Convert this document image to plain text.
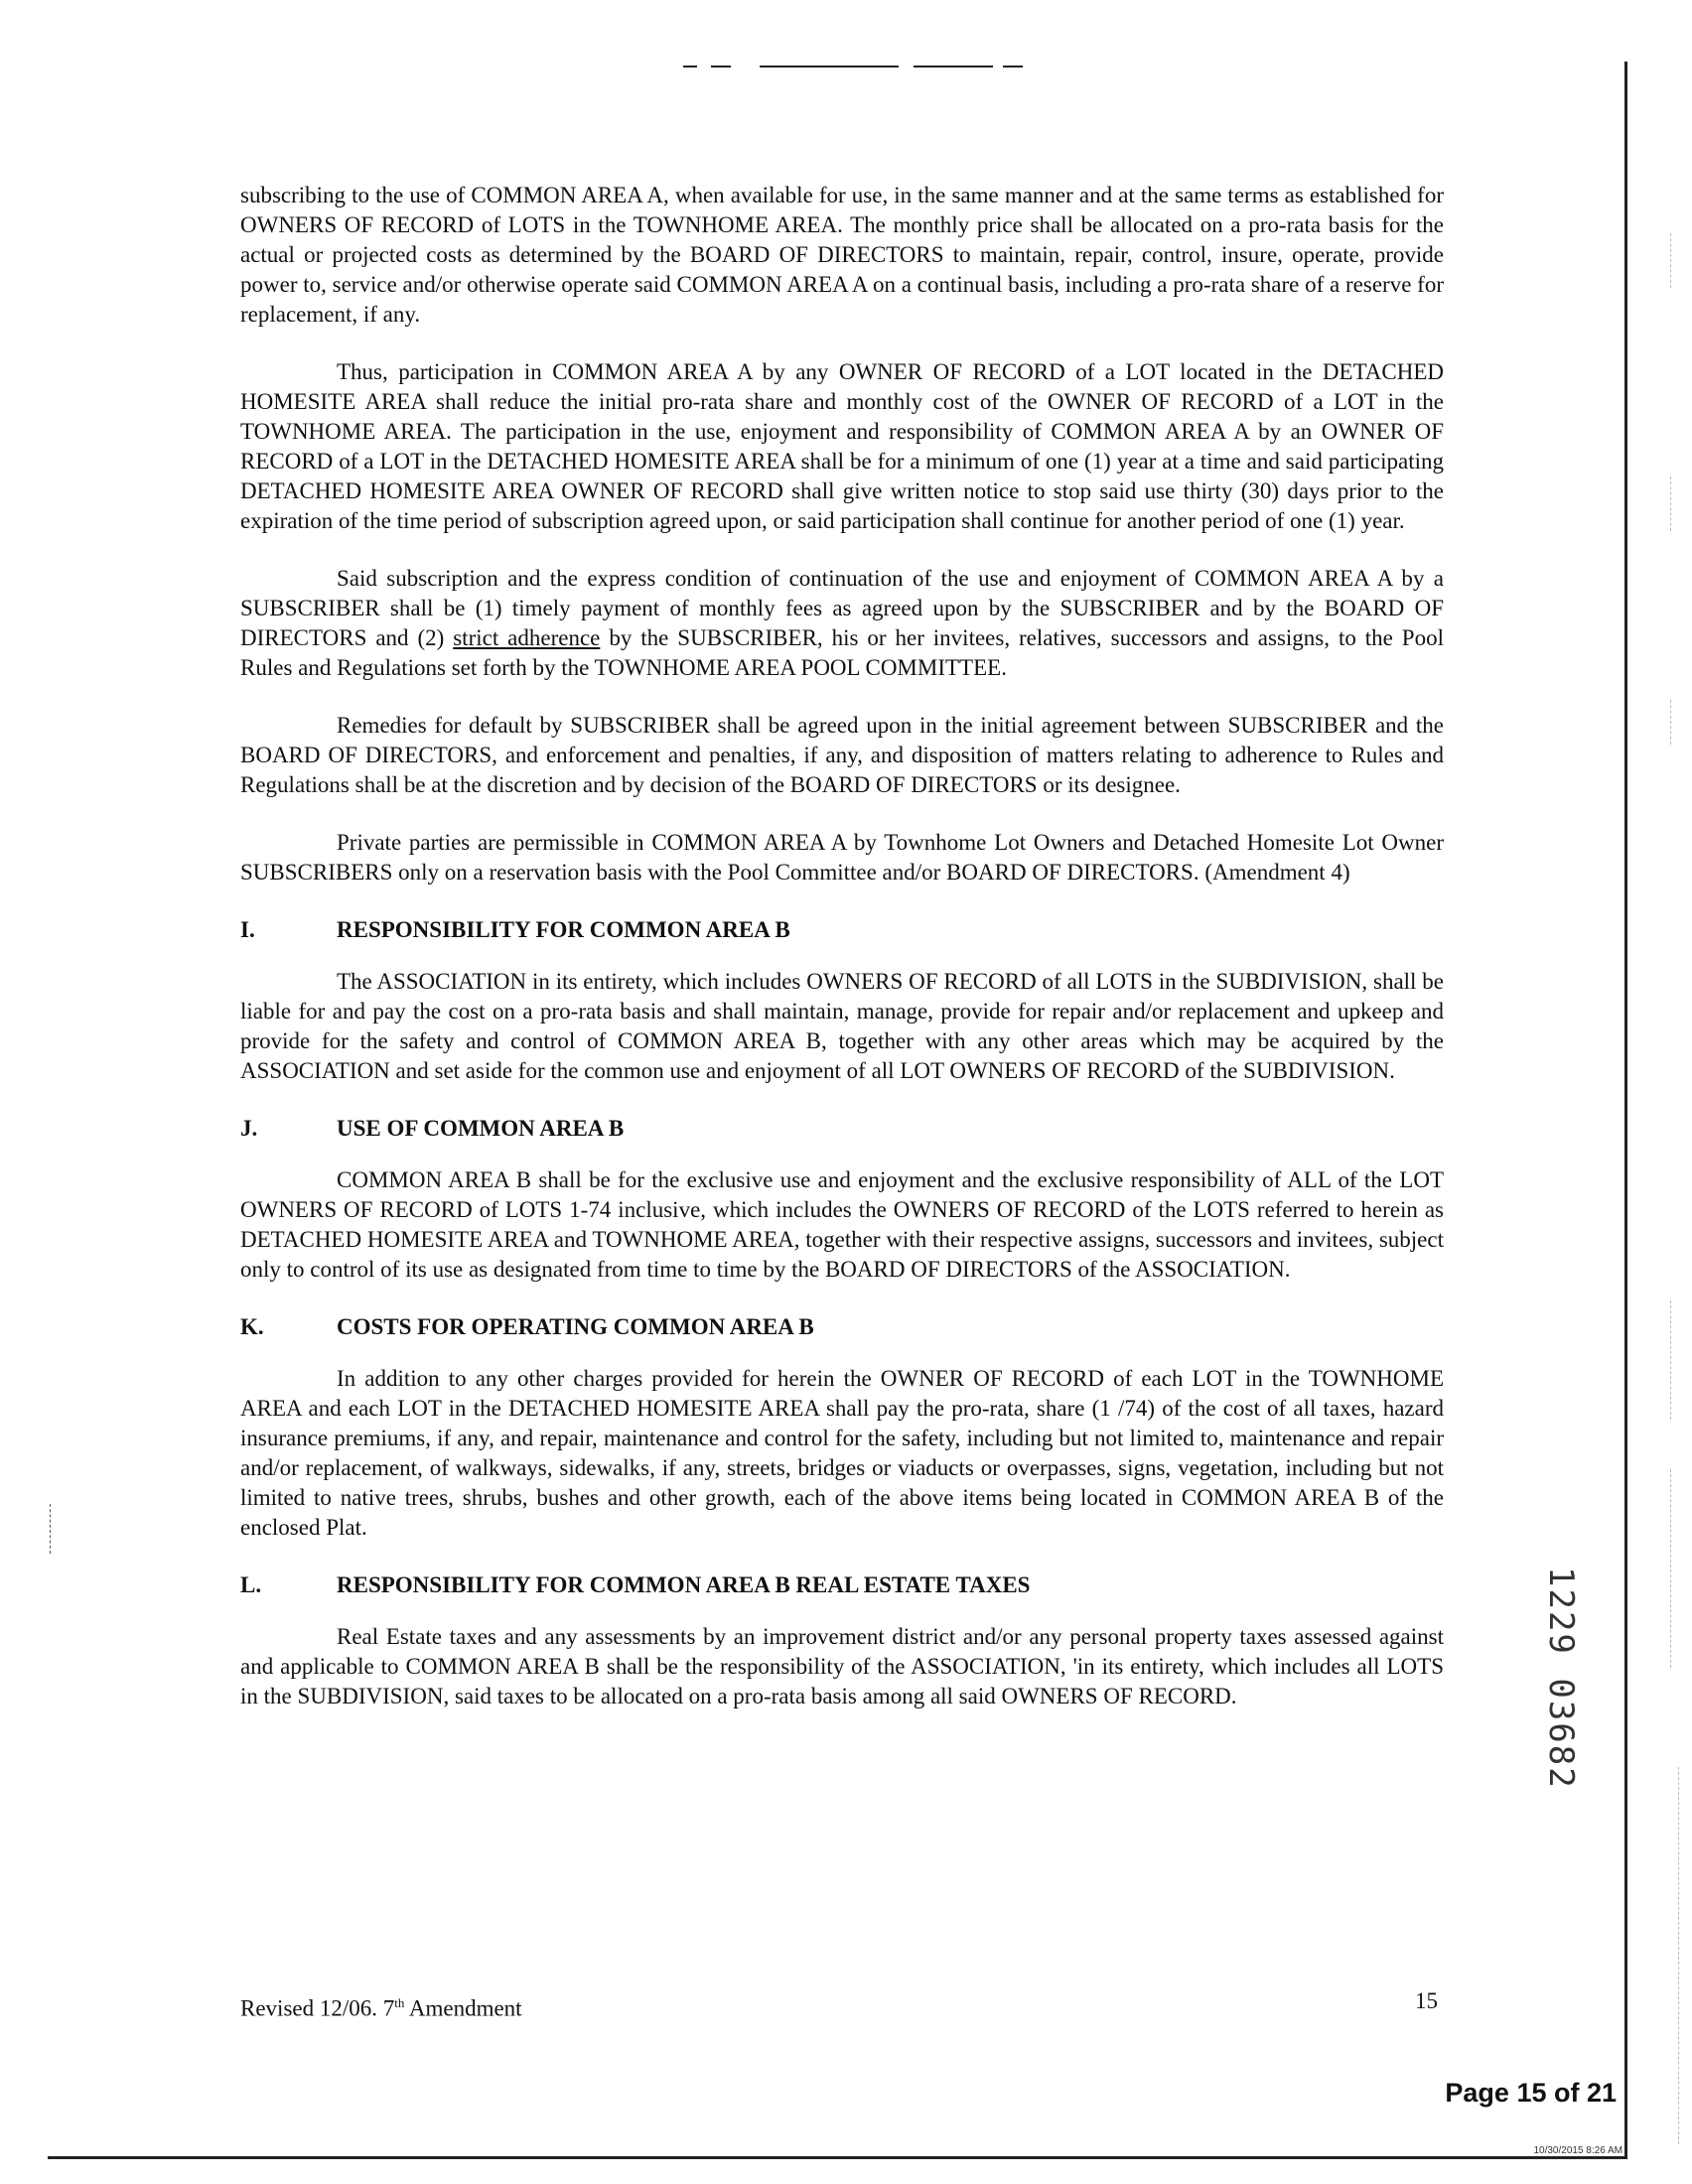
subscribing to the use of COMMON AREA A, when available for use, in the same manner and at the same terms as established for OWNERS OF RECORD of LOTS in the TOWNHOME AREA. The monthly price shall be allocated on a pro-rata basis for the actual or projected costs as determined by the BOARD OF DIRECTORS to maintain, repair, control, insure, operate, provide power to, service and/or otherwise operate said COMMON AREA A on a continual basis, including a pro-rata share of a reserve for replacement, if any.

Thus, participation in COMMON AREA A by any OWNER OF RECORD of a LOT located in the DETACHED HOMESITE AREA shall reduce the initial pro-rata share and monthly cost of the OWNER OF RECORD of a LOT in the TOWNHOME AREA. The participation in the use, enjoyment and responsibility of COMMON AREA A by an OWNER OF RECORD of a LOT in the DETACHED HOMESITE AREA shall be for a minimum of one (1) year at a time and said participating DETACHED HOMESITE AREA OWNER OF RECORD shall give written notice to stop said use thirty (30) days prior to the expiration of the time period of subscription agreed upon, or said participation shall continue for another period of one (1) year.

Said subscription and the express condition of continuation of the use and enjoyment of COMMON AREA A by a SUBSCRIBER shall be (1) timely payment of monthly fees as agreed upon by the SUBSCRIBER and by the BOARD OF DIRECTORS and (2) strict adherence by the SUBSCRIBER, his or her invitees, relatives, successors and assigns, to the Pool Rules and Regulations set forth by the TOWNHOME AREA POOL COMMITTEE.

Remedies for default by SUBSCRIBER shall be agreed upon in the initial agreement between SUBSCRIBER and the BOARD OF DIRECTORS, and enforcement and penalties, if any, and disposition of matters relating to adherence to Rules and Regulations shall be at the discretion and by decision of the BOARD OF DIRECTORS or its designee.

Private parties are permissible in COMMON AREA A by Townhome Lot Owners and Detached Homesite Lot Owner SUBSCRIBERS only on a reservation basis with the Pool Committee and/or BOARD OF DIRECTORS. (Amendment 4)

I.	RESPONSIBILITY FOR COMMON AREA B

The ASSOCIATION in its entirety, which includes OWNERS OF RECORD of all LOTS in the SUBDIVISION, shall be liable for and pay the cost on a pro-rata basis and shall maintain, manage, provide for repair and/or replacement and upkeep and provide for the safety and control of COMMON AREA B, together with any other areas which may be acquired by the ASSOCIATION and set aside for the common use and enjoyment of all LOT OWNERS OF RECORD of the SUBDIVISION.

J.	USE OF COMMON AREA B

COMMON AREA B shall be for the exclusive use and enjoyment and the exclusive responsibility of ALL of the LOT OWNERS OF RECORD of LOTS 1-74 inclusive, which includes the OWNERS OF RECORD of the LOTS referred to herein as DETACHED HOMESITE AREA and TOWNHOME AREA, together with their respective assigns, successors and invitees, subject only to control of its use as designated from time to time by the BOARD OF DIRECTORS of the ASSOCIATION.

K.	COSTS FOR OPERATING COMMON AREA B

In addition to any other charges provided for herein the OWNER OF RECORD of each LOT in the TOWNHOME AREA and each LOT in the DETACHED HOMESITE AREA shall pay the pro-rata, share (1 /74) of the cost of all taxes, hazard insurance premiums, if any, and repair, maintenance and control for the safety, including but not limited to, maintenance and repair and/or replacement, of walkways, sidewalks, if any, streets, bridges or viaducts or overpasses, signs, vegetation, including but not limited to native trees, shrubs, bushes and other growth, each of the above items being located in COMMON AREA B of the enclosed Plat.

L.	RESPONSIBILITY FOR COMMON AREA B REAL ESTATE TAXES

Real Estate taxes and any assessments by an improvement district and/or any personal property taxes assessed against and applicable to COMMON AREA B shall be the responsibility of the ASSOCIATION, 'in its entirety, which includes all LOTS in the SUBDIVISION, said taxes to be allocated on a pro-rata basis among all said OWNERS OF RECORD.

Revised 12/06. 7th Amendment	15
Page 15 of 21
10/30/2015 8:26 AM
1229 03682
